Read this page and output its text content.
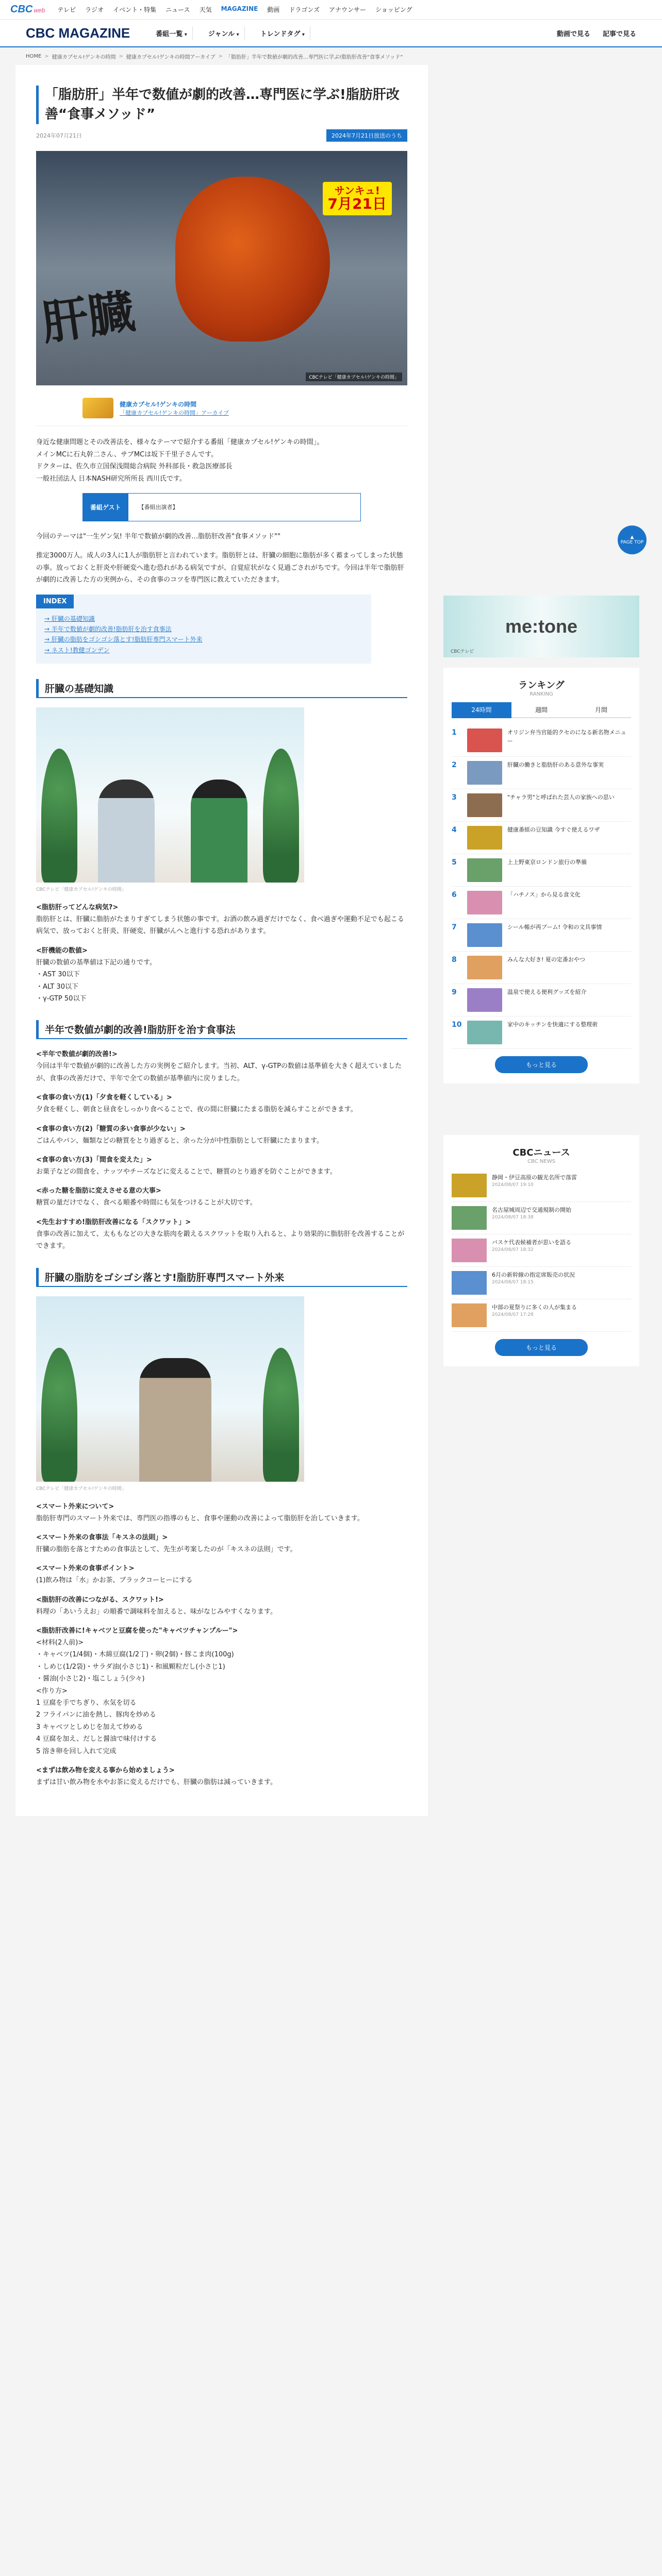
CBC web テレビ ラジオ イベント・特集 ニュース 天気 MAGAZINE 動画 ドラゴンズ アナウンサー ショッピング
CBC MAGAZINE	番組一覧 ▾	ジャンル ▾	トレンドタグ ▾	動画で見る 記事で見る
HOME > 健康カプセル!ゲンキの時間 > 健康カプセル!ゲンキの時間アーカイブ > 「脂肪肝」半年で数値が劇的改善…専門医に学ぶ!脂肪肝改善“食事メソッド”
「脂肪肝」半年で数値が劇的改善…専門医に学ぶ!脂肪肝改善“食事メソッド”
2024年07月21日	2024年7月21日放送のうち
肝臓
サンキュ!
7月21日
CBCテレビ「健康カプセル!ゲンキの時間」
健康カプセル!ゲンキの時間
「健康カプセル!ゲンキの時間」アーカイブ

身近な健康問題とその改善法を、様々なテーマで紹介する番組「健康カプセル!ゲンキの時間」。
メインMCに石丸幹二さん、サブMCは坂下千里子さんです。
ドクターは、佐久市立国保浅間総合病院 外科部長・救急医療部長
一般社団法人 日本NASH研究所所長 西川氏です。

番組ゲスト	【番組出演者】

今回のテーマは"一生ゲン気! 半年で数値が劇的改善…脂肪肝改善"食事メソッド""

推定3000万人。成人の3人に1人が脂肪肝と言われています。脂肪肝とは、肝臓の細胞に脂肪が多く蓄まってしまった状態の事。放っておくと肝炎や肝硬変へ進む恐れがある病気ですが、自覚症状がなく見過ごされがちです。今回は半年で脂肪肝が劇的に改善した方の実例から、その食事のコツを専門医に教えていただきます。

INDEX
→ 肝臓の基礎知識
→ 半年で数値が劇的改善!脂肪肝を治す食事法
→ 肝臓の脂肪をゴシゴシ落とす!脂肪肝専門スマート外来
→ ネスト!教健ゴンデン
肝臓の基礎知識
CBCテレビ「健康カプセル!ゲンキの時間」
<脂肪肝ってどんな病気?>

脂肪肝とは、肝臓に脂肪がたまりすぎてしまう状態の事です。お酒の飲み過ぎだけでなく、食べ過ぎや運動不足でも起こる病気で、放っておくと肝炎、肝硬変、肝臓がんへと進行する恐れがあります。

<肝機能の数値>

肝臓の数値の基準値は下記の通りです。
・AST 30以下
・ALT 30以下
・γ-GTP 50以下

半年で数値が劇的改善!脂肪肝を治す食事法
<半年で数値が劇的改善!>

今回は半年で数値が劇的に改善した方の実例をご紹介します。当初、ALT、γ-GTPの数値は基準値を大きく超えていましたが、食事の改善だけで、半年で全ての数値が基準値内に戻りました。

<食事の食い方(1)「夕食を軽くしている」>

夕食を軽くし、朝食と昼食をしっかり食べることで、夜の間に肝臓にたまる脂肪を減らすことができます。

<食事の食い方(2)「糖質の多い食事が少ない」>

ごはんやパン、麺類などの糖質をとり過ぎると、余った分が中性脂肪として肝臓にたまります。

<食事の食い方(3)「間食を変えた」>

お菓子などの間食を、ナッツやチーズなどに変えることで、糖質のとり過ぎを防ぐことができます。

<赤った糖を脂肪に変えさせる意の大事>

糖質の量だけでなく、食べる順番や時間にも気をつけることが大切です。

<先生おすすめ!脂肪肝改善になる「スクワット」>

食事の改善に加えて、太ももなどの大きな筋肉を鍛えるスクワットを取り入れると、より効果的に脂肪肝を改善することができます。

肝臓の脂肪をゴシゴシ落とす!脂肪肝専門スマート外来
CBCテレビ「健康カプセル!ゲンキの時間」
<スマート外来について>

脂肪肝専門のスマート外来では、専門医の指導のもと、食事や運動の改善によって脂肪肝を治していきます。

<スマート外来の食事法「キスネの法則」>

肝臓の脂肪を落とすための食事法として、先生が考案したのが「キスネの法則」です。

<スマート外来の食事ポイント>

(1)飲み物は「水」かお茶、ブラックコーヒーにする

<脂肪肝の改善につながる、スクワット!>

料理の「あいうえお」の順番で調味料を加えると、味がなじみやすくなります。

<脂肪肝改善に!キャベツと豆腐を使った"キャベツチャンプルー">

<材料(2人前)>
・キャベツ(1/4個)・木綿豆腐(1/2丁)・卵(2個)・豚こま肉(100g)
・しめじ(1/2袋)・サラダ油(小さじ1)・和風顆粒だし(小さじ1)
・醤油(小さじ2)・塩こしょう(少々)
<作り方>
1 豆腐を手でちぎり、水気を切る
2 フライパンに油を熱し、豚肉を炒める
3 キャベツとしめじを加えて炒める
4 豆腐を加え、だしと醤油で味付けする
5 溶き卵を回し入れて完成

<まずは飲み物を変える事から始めましょう>

まずは甘い飲み物を水やお茶に変えるだけでも、肝臓の脂肪は減っていきます。

me:tone
CBCテレビ
ランキング
RANKING
24時間	週間	月間
1	オリジン弁当官能的クセのになる新名物メニュー
2	肝臓の働きと脂肪肝のある意外な事実
3	"チャラ男"と呼ばれた芸人の家族への思い
4	健康番組の豆知識 今すぐ使えるワザ
5	上上野東京ロンドン旅行の準備
6	「ハチノス」から見る食文化
7	シール帳が再ブーム! 令和の文具事情
8	みんな大好き! 夏の定番おやつ
9	温泉で使える便利グッズを紹介
10	家中のキッチンを快適にする整理術
もっと見る
CBCニュース
CBC NEWS
静岡・伊豆高原の観光名所で落雷
2024/08/07 19:10
名古屋城周辺で交通規制の開始
2024/08/07 18:38
バスケ代表候補者が思いを語る
2024/08/07 18:32
6月の新幹線の指定席販売の状況
2024/08/07 18:15
中部の夏祭りに多くの人が集まる
2024/08/07 17:28
もっと見る
▲
PAGE TOP
